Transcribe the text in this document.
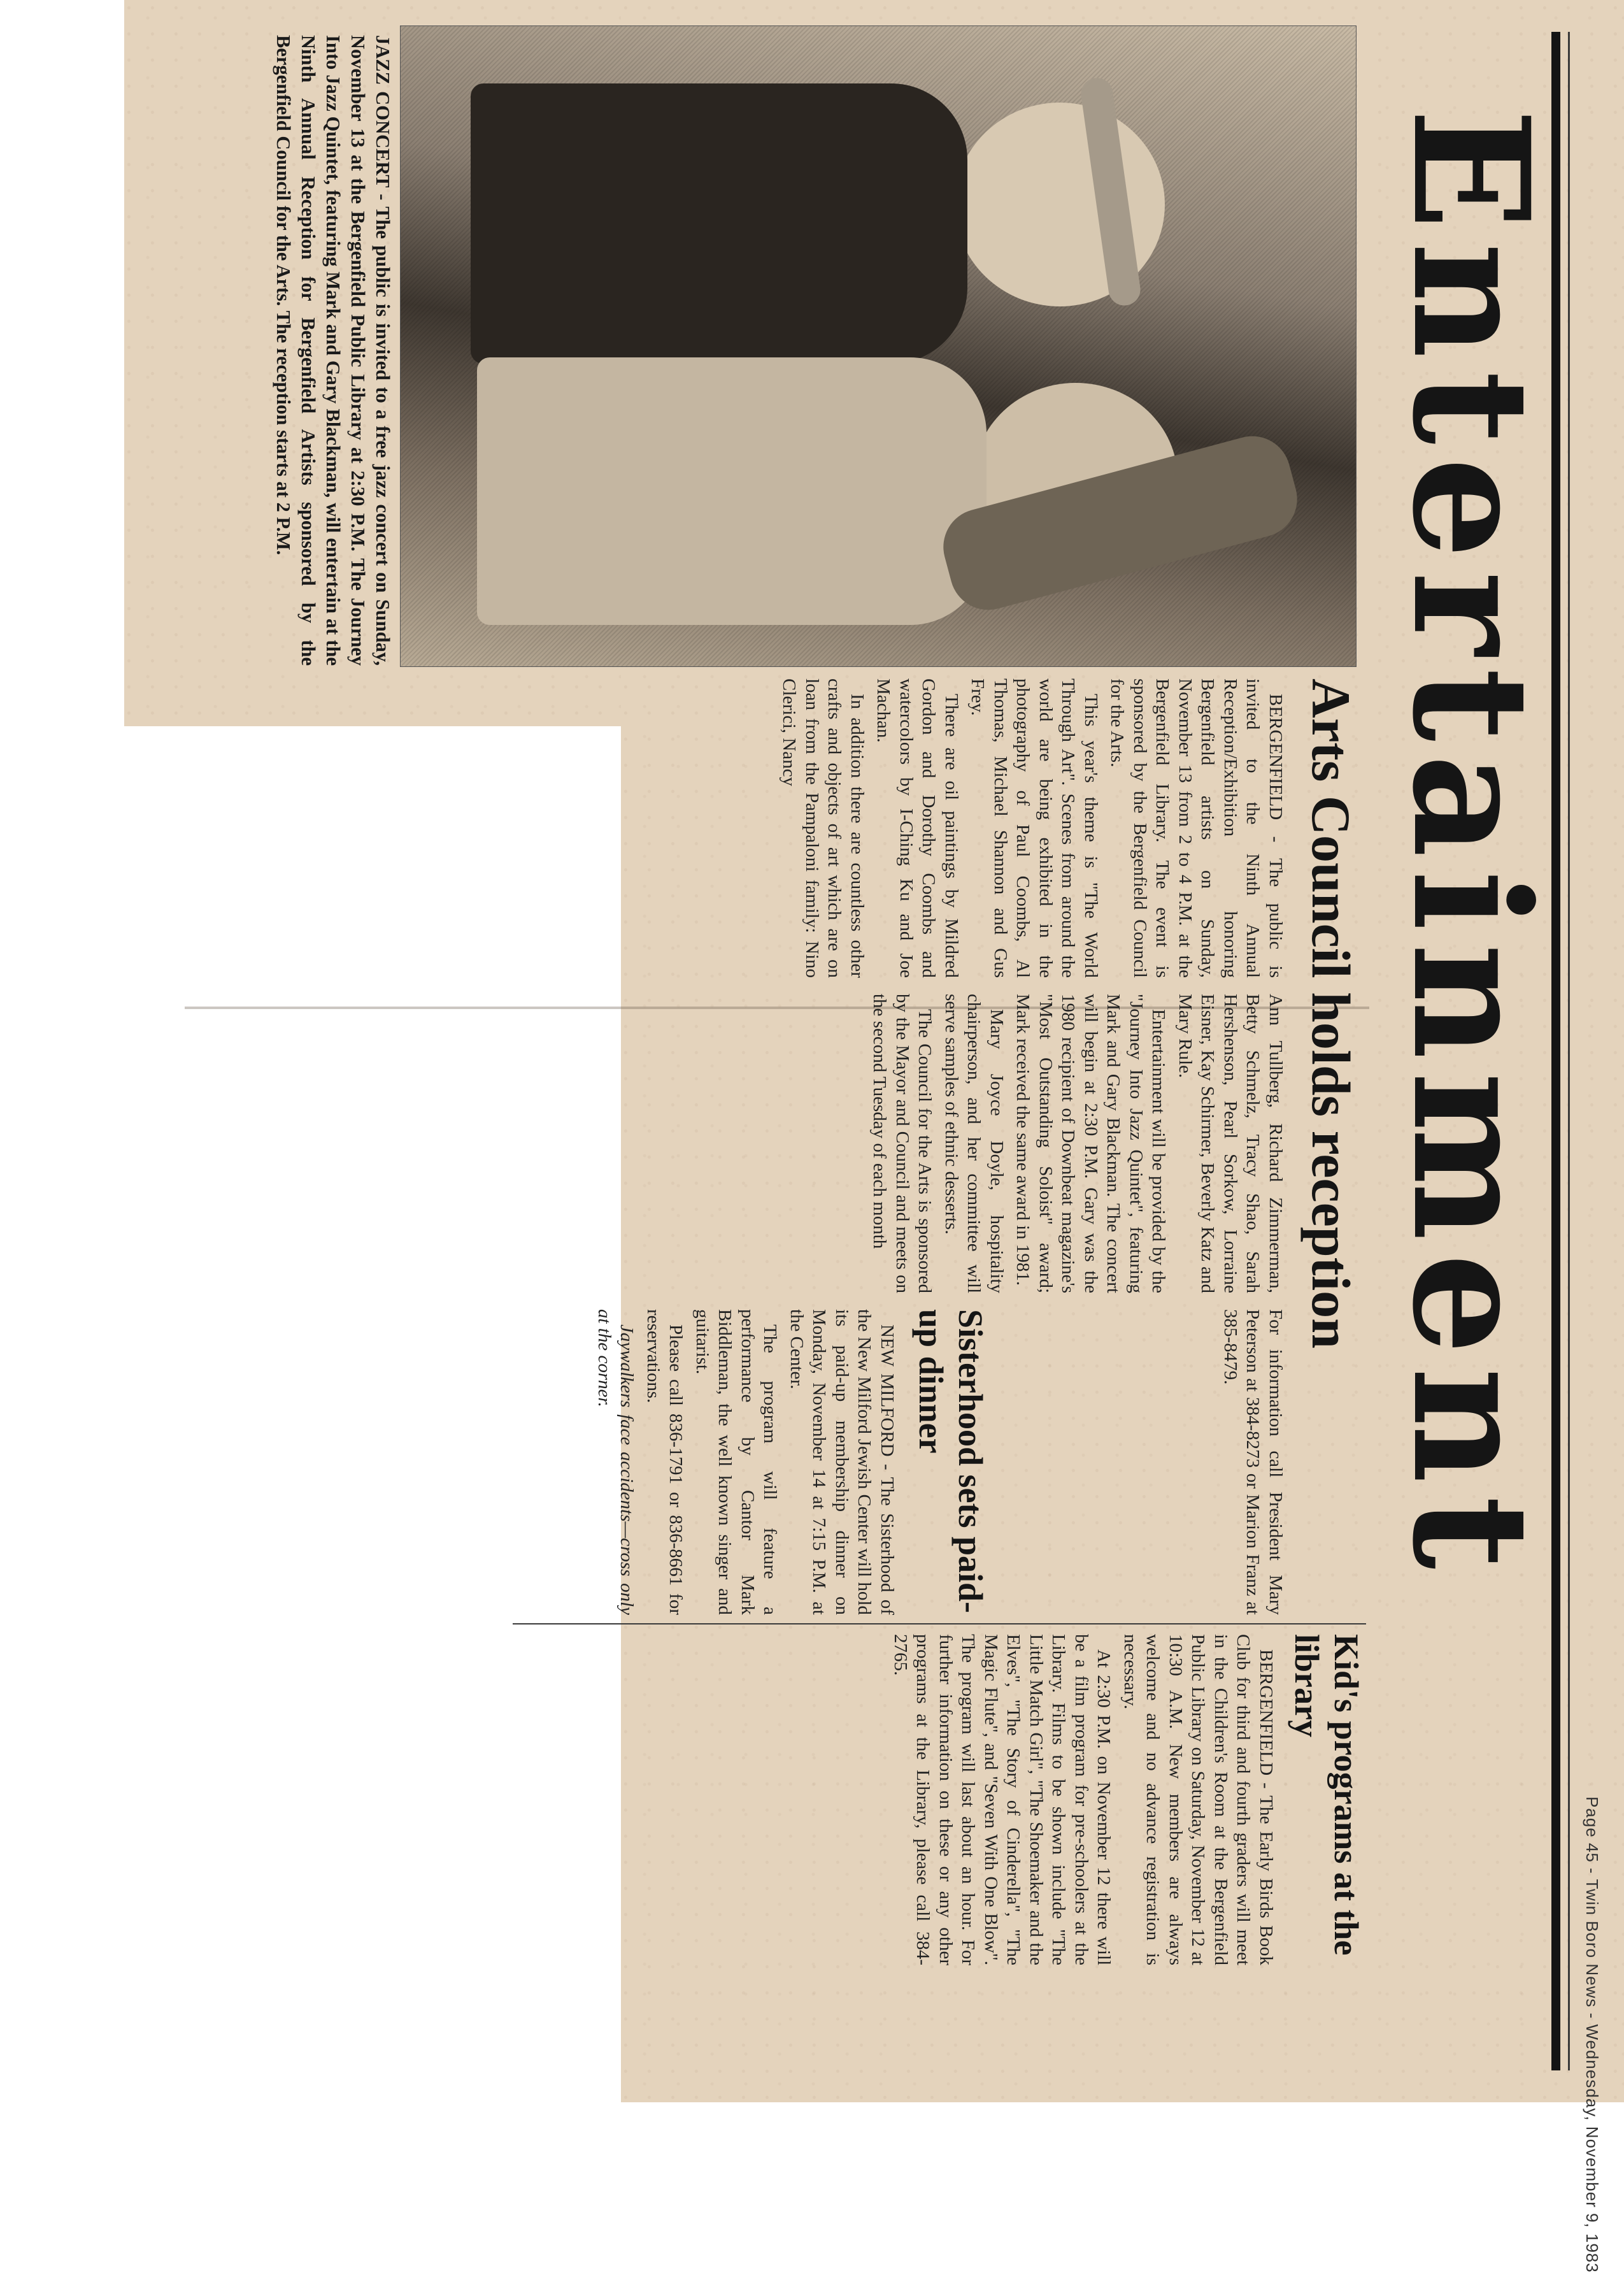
Page 45 - Twin Boro News - Wednesday, November 9, 1983
Entertainment
JAZZ CONCERT - The public is invited to a free jazz concert on Sunday, November 13 at the Bergenfield Public Library at 2:30 P.M. The Journey Into Jazz Quintet, featuring Mark and Gary Blackman, will entertain at the Ninth Annual Reception for Bergenfield Artists sponsored by the Bergenfield Council for the Arts. The reception starts at 2 P.M.
Arts Council holds reception

BERGENFIELD - The public is invited to the Ninth Annual Reception/Exhibition honoring Bergenfield artists on Sunday, November 13 from 2 to 4 P.M. at the Bergenfield Library. The event is sponsored by the Bergenfield Council for the Arts.

This year's theme is "The World Through Art". Scenes from around the world are being exhibited in the photography of Paul Coombs, Al Thomas, Michael Shannon and Gus Frey.

There are oil paintings by Mildred Gordon and Dorothy Coombs and watercolors by I-Ching Ku and Joe Machan.

In addition there are countless other crafts and objects of art which are on loan from the Pampaloni family: Nino Clerici, Nancy

Ann Tullberg, Richard Zimmerman, Betty Schmelz, Tracy Shao, Sarah Hershenson, Pearl Sorkow, Lorraine Eisner, Kay Schirmer, Beverly Katz and Mary Rule.

Entertainment will be provided by the "Journey Into Jazz Quintet", featuring Mark and Gary Blackman. The concert will begin at 2:30 P.M. Gary was the 1980 recipient of Downbeat magazine's "Most Outstanding Soloist" award; Mark received the same award in 1981.

Mary Joyce Doyle, hospitality chairperson, and her committee will serve samples of ethnic desserts.

The Council for the Arts is sponsored by the Mayor and Council and meets on the second Tuesday of each month

For information call President Mary Peterson at 384-8273 or Marion Franz at 385-8479.

Sisterhood sets paid-up dinner

NEW MILFORD - The Sisterhood of the New Milford Jewish Center will hold its paid-up membership dinner on Monday, November 14 at 7:15 P.M. at the Center.

The program will feature a performance by Cantor Mark Biddleman, the well known singer and guitarist.

Please call 836-1791 or 836-8661 for reservations.

Jaywalkers face accidents—cross only at the corner.

Kid's programs at the library

BERGENFIELD - The Early Birds Book Club for third and fourth graders will meet in the Children's Room at the Bergenfield Public Library on Saturday, November 12 at 10:30 A.M. New members are always welcome and no advance registration is necessary.

At 2:30 P.M. on November 12 there will be a film program for pre-schoolers at the Library. Films to be shown include "The Little Match Girl", "The Shoemaker and the Elves", "The Story of Cinderella", "The Magic Flute", and "Seven With One Blow". The program will last about an hour. For further information on these or any other programs at the Library, please call 384-2765.
